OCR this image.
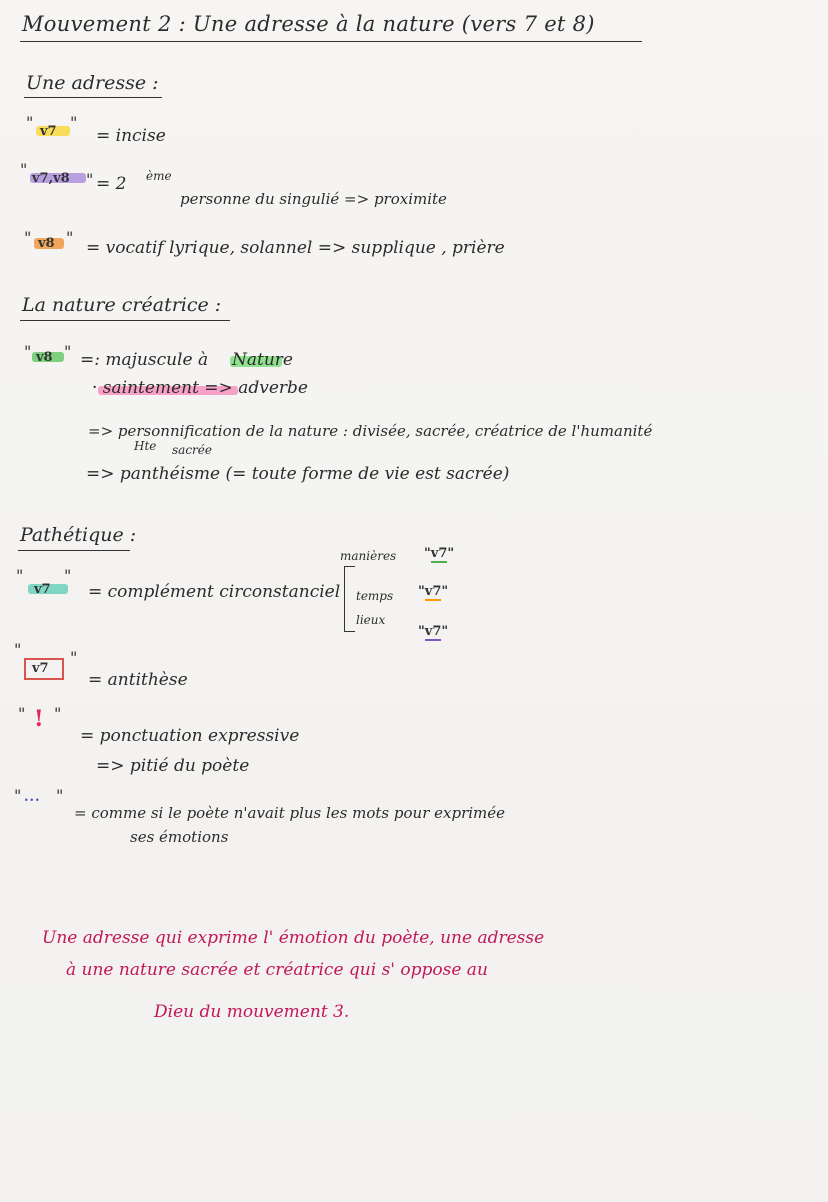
Mouvement 2 : Une adresse à la nature (vers 7 et 8)
Une adresse :
" v7 "
= incise
" v7,v8 " = 2 ème
personne du singulié => proximite
" v8 "
= vocatif lyrique, solannel => supplique , prière
La nature créatrice :
" v8 " =: majuscule à Nature
· saintement => adverbe
Hte sacrée
=> personnification de la nature : divisée, sacrée, créatrice de l'humanité
=> panthéisme (= toute forme de vie est sacrée)
Pathétique :
"
v7
"
= complément circonstanciel
manières "v7"
temps "v7"
lieux
"v7"
"
v7
"
= antithèse
" ! "
= ponctuation expressive
=> pitié du poète
" ... "
= comme si le poète n'avait plus les mots pour exprimée
ses émotions
Une adresse qui exprime l' émotion du poète, une adresse
à une nature sacrée et créatrice qui s' oppose au
Dieu du mouvement 3.
